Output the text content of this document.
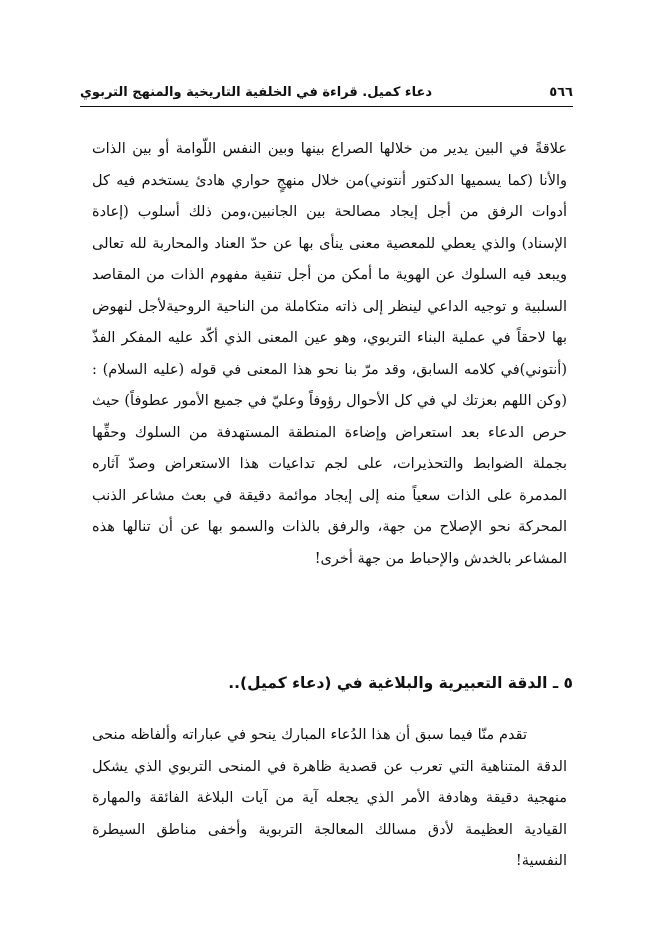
٥٦٦
دعاء كميل. قراءة في الخلفية التاريخية والمنهج التربوي

علاقةً في البين يدير من خلالها الصراع بينها وبين النفس اللّوامة أو بين الذات والأنا (كما يسميها الدكتور أنتوني)من خلال منهجٍ حواري هادئ يستخدم فيه كل أدوات الرفق من أجل إيجاد مصالحة بين الجانبين،ومن ذلك أسلوب (إعادة الإسناد) والذي يعطي للمعصية معنى ينأى بها عن حدّ العناد والمحاربة لله تعالى ويبعد فيه السلوك عن الهوية ما أمكن من أجل تنقية مفهوم الذات من المقاصد السلبية و توجيه الداعي لينظر إلى ذاته متكاملة من الناحية الروحيةلأجل لنهوض بها لاحقاً في عملية البناء التربوي، وهو عين المعنى الذي أكّد عليه المفكر الفذّ (أنتوني)في كلامه السابق، وقد مرّ بنا نحو هذا المعنى في قوله (عليه السلام) : (وكن اللهم بعزتك لي في كل الأحوال رؤوفاً وعليّ في جميع الأمور عطوفاً) حيث حرص الدعاء بعد استعراض وإضاءة المنطقة المستهدفة من السلوك وحفِّها بجملة الضوابط والتحذيرات، على لجم تداعيات هذا الاستعراض وصدّ آثاره المدمرة على الذات سعياً منه إلى إيجاد موائمة دقيقة في بعث مشاعر الذنب المحركة نحو الإصلاح من جهة، والرفق بالذات والسمو بها عن أن تنالها هذه المشاعر بالخدش والإحباط من جهة أخرى!

٥ ـ الدقة التعبيرية والبلاغية في (دعاء كميل)..

تقدم منّا فيما سبق أن هذا الدُعاء المبارك ينحو في عباراته وألفاظه منحى الدقة المتناهية التي تعرب عن قصدية ظاهرة في المنحى التربوي الذي يشكل منهجية دقيقة وهادفة الأمر الذي يجعله آية من آيات البلاغة الفائقة والمهارة القيادية العظيمة لأدق مسالك المعالجة التربوية وأخفى مناطق السيطرة النفسية!
